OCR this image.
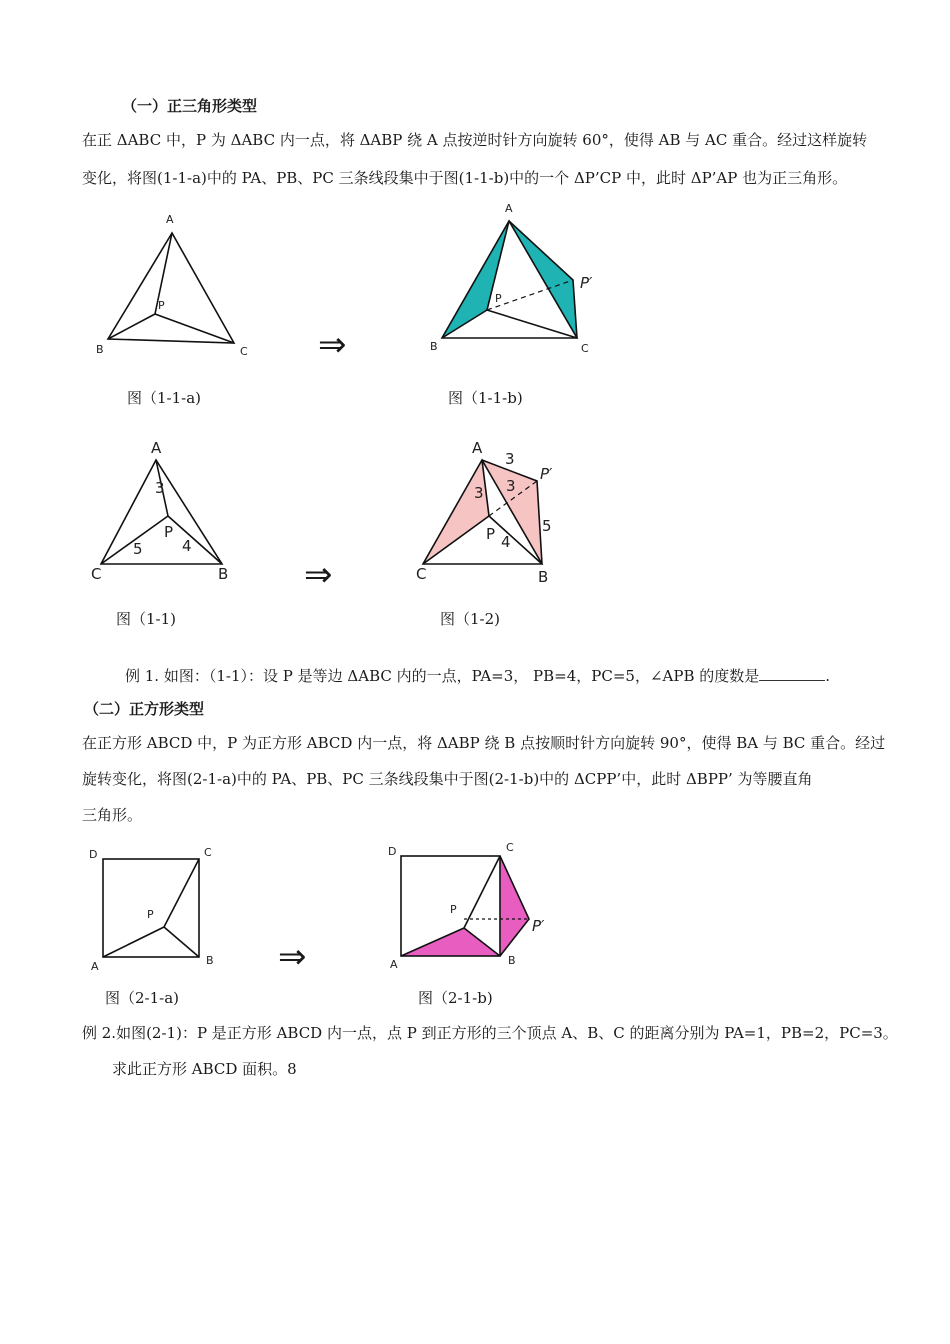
（一）正三角形类型
在正 ΔABC 中，P 为 ΔABC 内一点，将 ΔABP 绕 A 点按逆时针方向旋转 60°，使得 AB 与 AC 重合。经过这样旋转
变化，将图(1-1-a)中的 PA、PB、PC 三条线段集中于图(1-1-b)中的一个 ΔP’CP 中，此时 ΔP’AP 也为正三角形。
A
B	C
P
图（1-1-a)
⇒
A
B	C
P
P′
图（1-1-b)
A
C	B
P
3
4
5
图（1-1)
⇒
A
C	B
P
P′
3
3
3
4
5
图（1-2)
例 1. 如图：（1-1）：设 P 是等边 ΔABC 内的一点，PA=3， PB=4，PC=5，∠APB 的度数是	.
（二）正方形类型
在正方形 ABCD 中，P 为正方形 ABCD 内一点，将 ΔABP 绕 B 点按顺时针方向旋转 90°，使得 BA 与 BC 重合。经过
旋转变化，将图(2-1-a)中的 PA、PB、PC 三条线段集中于图(2-1-b)中的 ΔCPP’中，此时 ΔBPP’ 为等腰直角
三角形。
D	C
A	B
P
图（2-1-a)
⇒
D	C
A	B
P
P′
图（2-1-b)
例 2.如图(2-1)：P 是正方形 ABCD 内一点，点 P 到正方形的三个顶点 A、B、C 的距离分别为 PA=1，PB=2，PC=3。
求此正方形 ABCD 面积。8
